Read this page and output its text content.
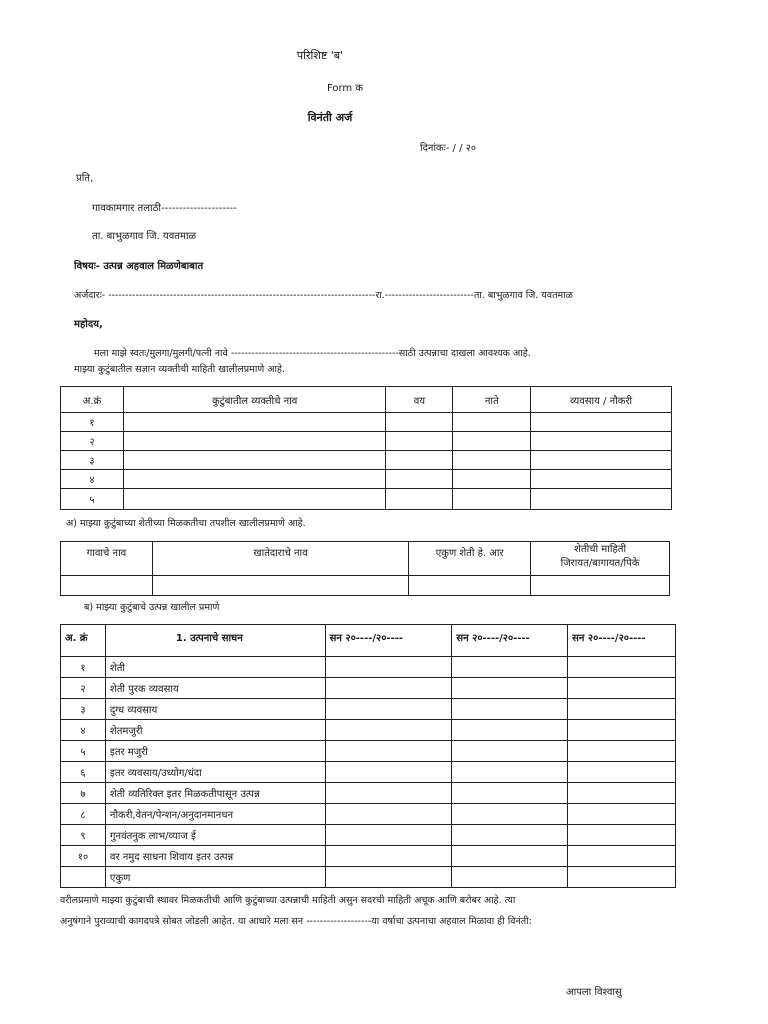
परिशिष्ट 'ब'
Form क
विनंती अर्ज
दिनांकः- / / २०
प्रति,
गावकामगार तलाठी---------------------
ता. बाभुळगाव जि. यवतमाळ
विषयः- उत्पन्न अहवाल मिळणेबाबात
अर्जदारः- ------------------------------------------------------------------------------रा.--------------------------ता. बाभुळगाव जि. यवतमाळ
महोदय,
मला माझे स्वतः/मुलगा/मुलगी/पत्नी नावे -------------------------------------------------साठी उत्पन्नाचा दाखला आवश्यक आहे.
माझ्या कुटुंबातील सज्ञान व्यक्तीची माहिती खालीलप्रमाणे आहे.
अ.क्रं	कुटुंबातील व्यक्तीचे नाव	वय	नाते	व्यवसाय / नौकरी
१				
२				
३				
४				
५				
अ) माझ्या कुटुंबाच्या शेतीच्या मिळकतीचा तपशील खालीलप्रमाणे आहे.
गावाचे नाव	खातेदाराचे नाव	एकुण शेती हे. आर	शेतीची माहिती
जिरायत/बागायत/पिके

ब) माझ्या कुटुंबाचे उत्पन्न खालील प्रमाणे
अ. क्रं	1. उत्पनाचे साधन	सन २०----/२०----	सन २०----/२०----	सन २०----/२०----
१	शेती			
२	शेती पुरक व्यवसाय			
३	दुग्ध व्यवसाय			
४	शेतमजुरी			
५	इतर मजुरी			
६	इतर व्यवसाय/उध्योग/धंदा			
७	शेती व्यतिरिक्त इतर मिळकतीपासून उत्पन्न			
८	नौकरी,वेतन/पेन्शन/अनुदानमानधन			
९	गुनवंतनुक लाभ/व्याज ई			
१०	वर नमुद साधना शिवाय इतर उत्पन्न			
	एकुण			
वरीलप्रमाणे माझ्या कुटुंबाची स्थावर मिळकतीची आणि कुटुंबाच्या उत्पन्नाची माहिती असुन सदरची माहिती अचूक आणि बरोबर आहे. त्या
अनुषंगाने पुराव्याची कागदपत्रे सोबत जोडली आहेत. या आधारे मला सन -------------------या वर्षाचा उत्पनाचा अहवाल मिळावा ही विनंती:
आपला विश्वासु
